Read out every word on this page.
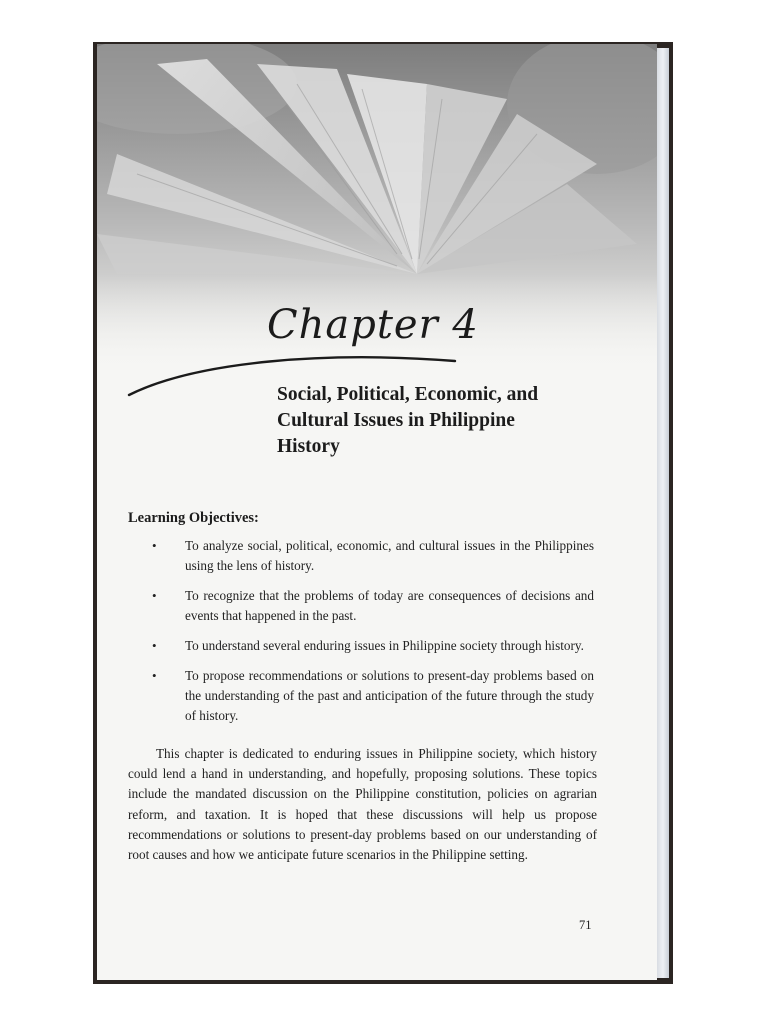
Chapter 4
Social, Political, Economic, and
Cultural Issues in Philippine
History
Learning Objectives:
• To analyze social, political, economic, and cultural issues in the Philippines using the lens of history.
• To recognize that the problems of today are consequences of decisions and events that happened in the past.
• To understand several enduring issues in Philippine society through history.
• To propose recommendations or solutions to present-day problems based on the understanding of the past and anticipation of the future through the study of history.

This chapter is dedicated to enduring issues in Philippine society, which history could lend a hand in understanding, and hopefully, proposing solutions. These topics include the mandated discussion on the Philippine constitution, policies on agrarian reform, and taxation. It is hoped that these discussions will help us propose recommendations or solutions to present-day problems based on our understanding of root causes and how we anticipate future scenarios in the Philippine setting.

71
